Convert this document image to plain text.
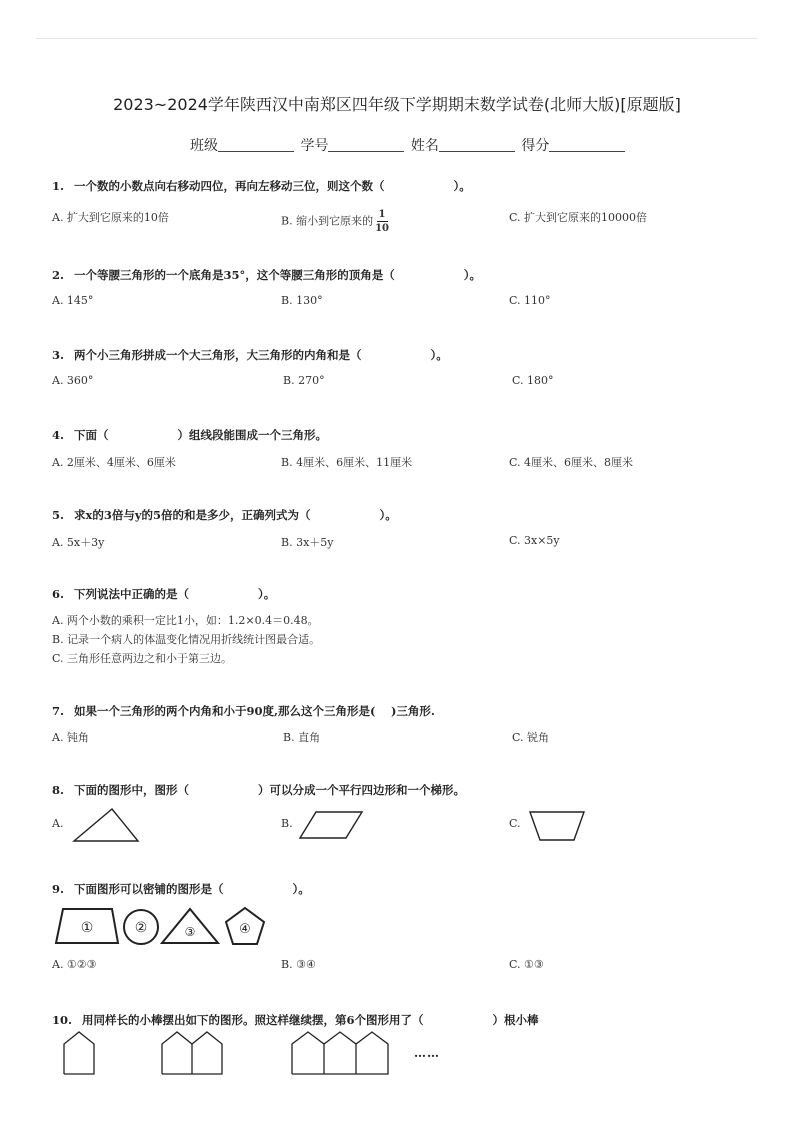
2023~2024学年陕西汉中南郑区四年级下学期期末数学试卷(北师大版)[原题版]
班级	学号	姓名	得分
1. 一个数的小数点向右移动四位，再向左移动三位，则这个数（　　　　　　）。
A. 扩大到它原来的10倍	B. 缩小到它原来的 $\frac{1}{10}$	C. 扩大到它原来的10000倍
2. 一个等腰三角形的一个底角是35°，这个等腰三角形的顶角是（　　　　　　）。
A. 145°	B. 130°	C. 110°
3. 两个小三角形拼成一个大三角形，大三角形的内角和是（　　　　　　）。
A. 360°	B. 270°	C. 180°
4. 下面（　　　　　　）组线段能围成一个三角形。
A. 2厘米、4厘米、6厘米	B. 4厘米、6厘米、11厘米	C. 4厘米、6厘米、8厘米
5. 求x的3倍与y的5倍的和是多少，正确列式为（　　　　　　）。
A. 5x＋3y	B. 3x＋5y	C. 3x×5y
6. 下列说法中正确的是（　　　　　　）。
A. 两个小数的乘积一定比1小，如：1.2×0.4＝0.48。
B. 记录一个病人的体温变化情况用折线统计图最合适。
C. 三角形任意两边之和小于第三边。
7. 如果一个三角形的两个内角和小于90度,那么这个三角形是(　 )三角形.
A. 钝角	B. 直角	C. 锐角
8. 下面的图形中，图形（　　　　　　）可以分成一个平行四边形和一个梯形。
A.	B.	C.
9. 下面图形可以密铺的图形是（　　　　　　）。
①	②	③	④
A. ①②③	B. ③④	C. ①③
10. 用同样长的小棒摆出如下的图形。照这样继续摆，第6个图形用了（　　　　　　）根小棒
……
